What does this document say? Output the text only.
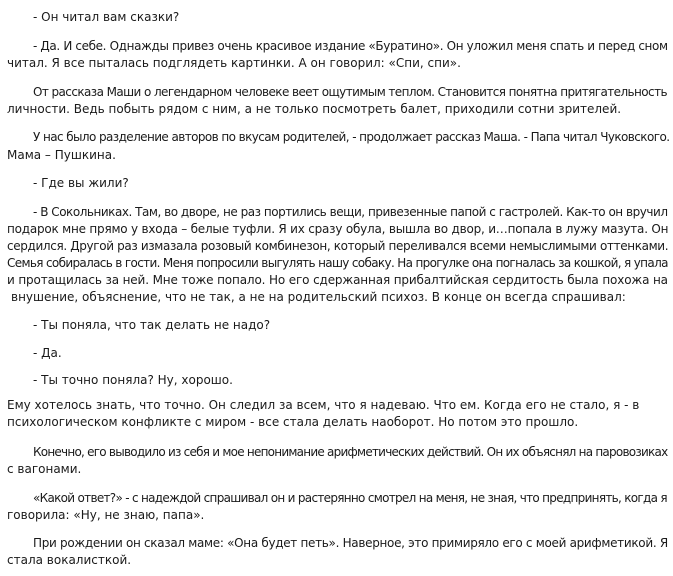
- Он читал вам сказки?
- Да. И себе. Однажды привез очень красивое издание «Буратино». Он уложил меня спать и перед сном
читал. Я все пыталась подглядеть картинки. А он говорил: «Спи, спи».
От рассказа Маши о легендарном человеке веет ощутимым теплом. Становится понятна притягательность
личности. Ведь побыть рядом с ним, а не только посмотреть балет, приходили сотни зрителей.
У нас было разделение авторов по вкусам родителей, - продолжает рассказ Маша. - Папа читал Чуковского.
Мама – Пушкина.
- Где вы жили?
- В Сокольниках. Там, во дворе, не раз портились вещи, привезенные папой с гастролей. Как-то он вручил
подарок мне прямо у входа – белые туфли. Я их сразу обула, вышла во двор, и…попала в лужу мазута. Он
сердился. Другой раз измазала розовый комбинезон, который переливался всеми немыслимыми оттенками.
Семья собиралась в гости. Меня попросили выгулять нашу собаку. На прогулке она погналась за кошкой, я упала
и протащилась за ней. Мне тоже попало. Но его сдержанная прибалтийская сердитость была похожа на
внушение, объяснение, что не так, а не на родительский психоз. В конце он всегда спрашивал:
- Ты поняла, что так делать не надо?
- Да.
- Ты точно поняла? Ну, хорошо.
Ему хотелось знать, что точно. Он следил за всем, что я надеваю. Что ем. Когда его не стало, я - в
психологическом конфликте с миром - все стала делать наоборот. Но потом это прошло.
Конечно, его выводило из себя и мое непонимание арифметических действий. Он их объяснял на паровозиках
с вагонами.
«Какой ответ?» - с надеждой спрашивал он и растерянно смотрел на меня, не зная, что предпринять, когда я
говорила: «Ну, не знаю, папа».
При рождении он сказал маме: «Она будет петь». Наверное, это примиряло его с моей арифметикой. Я
стала вокалисткой.
